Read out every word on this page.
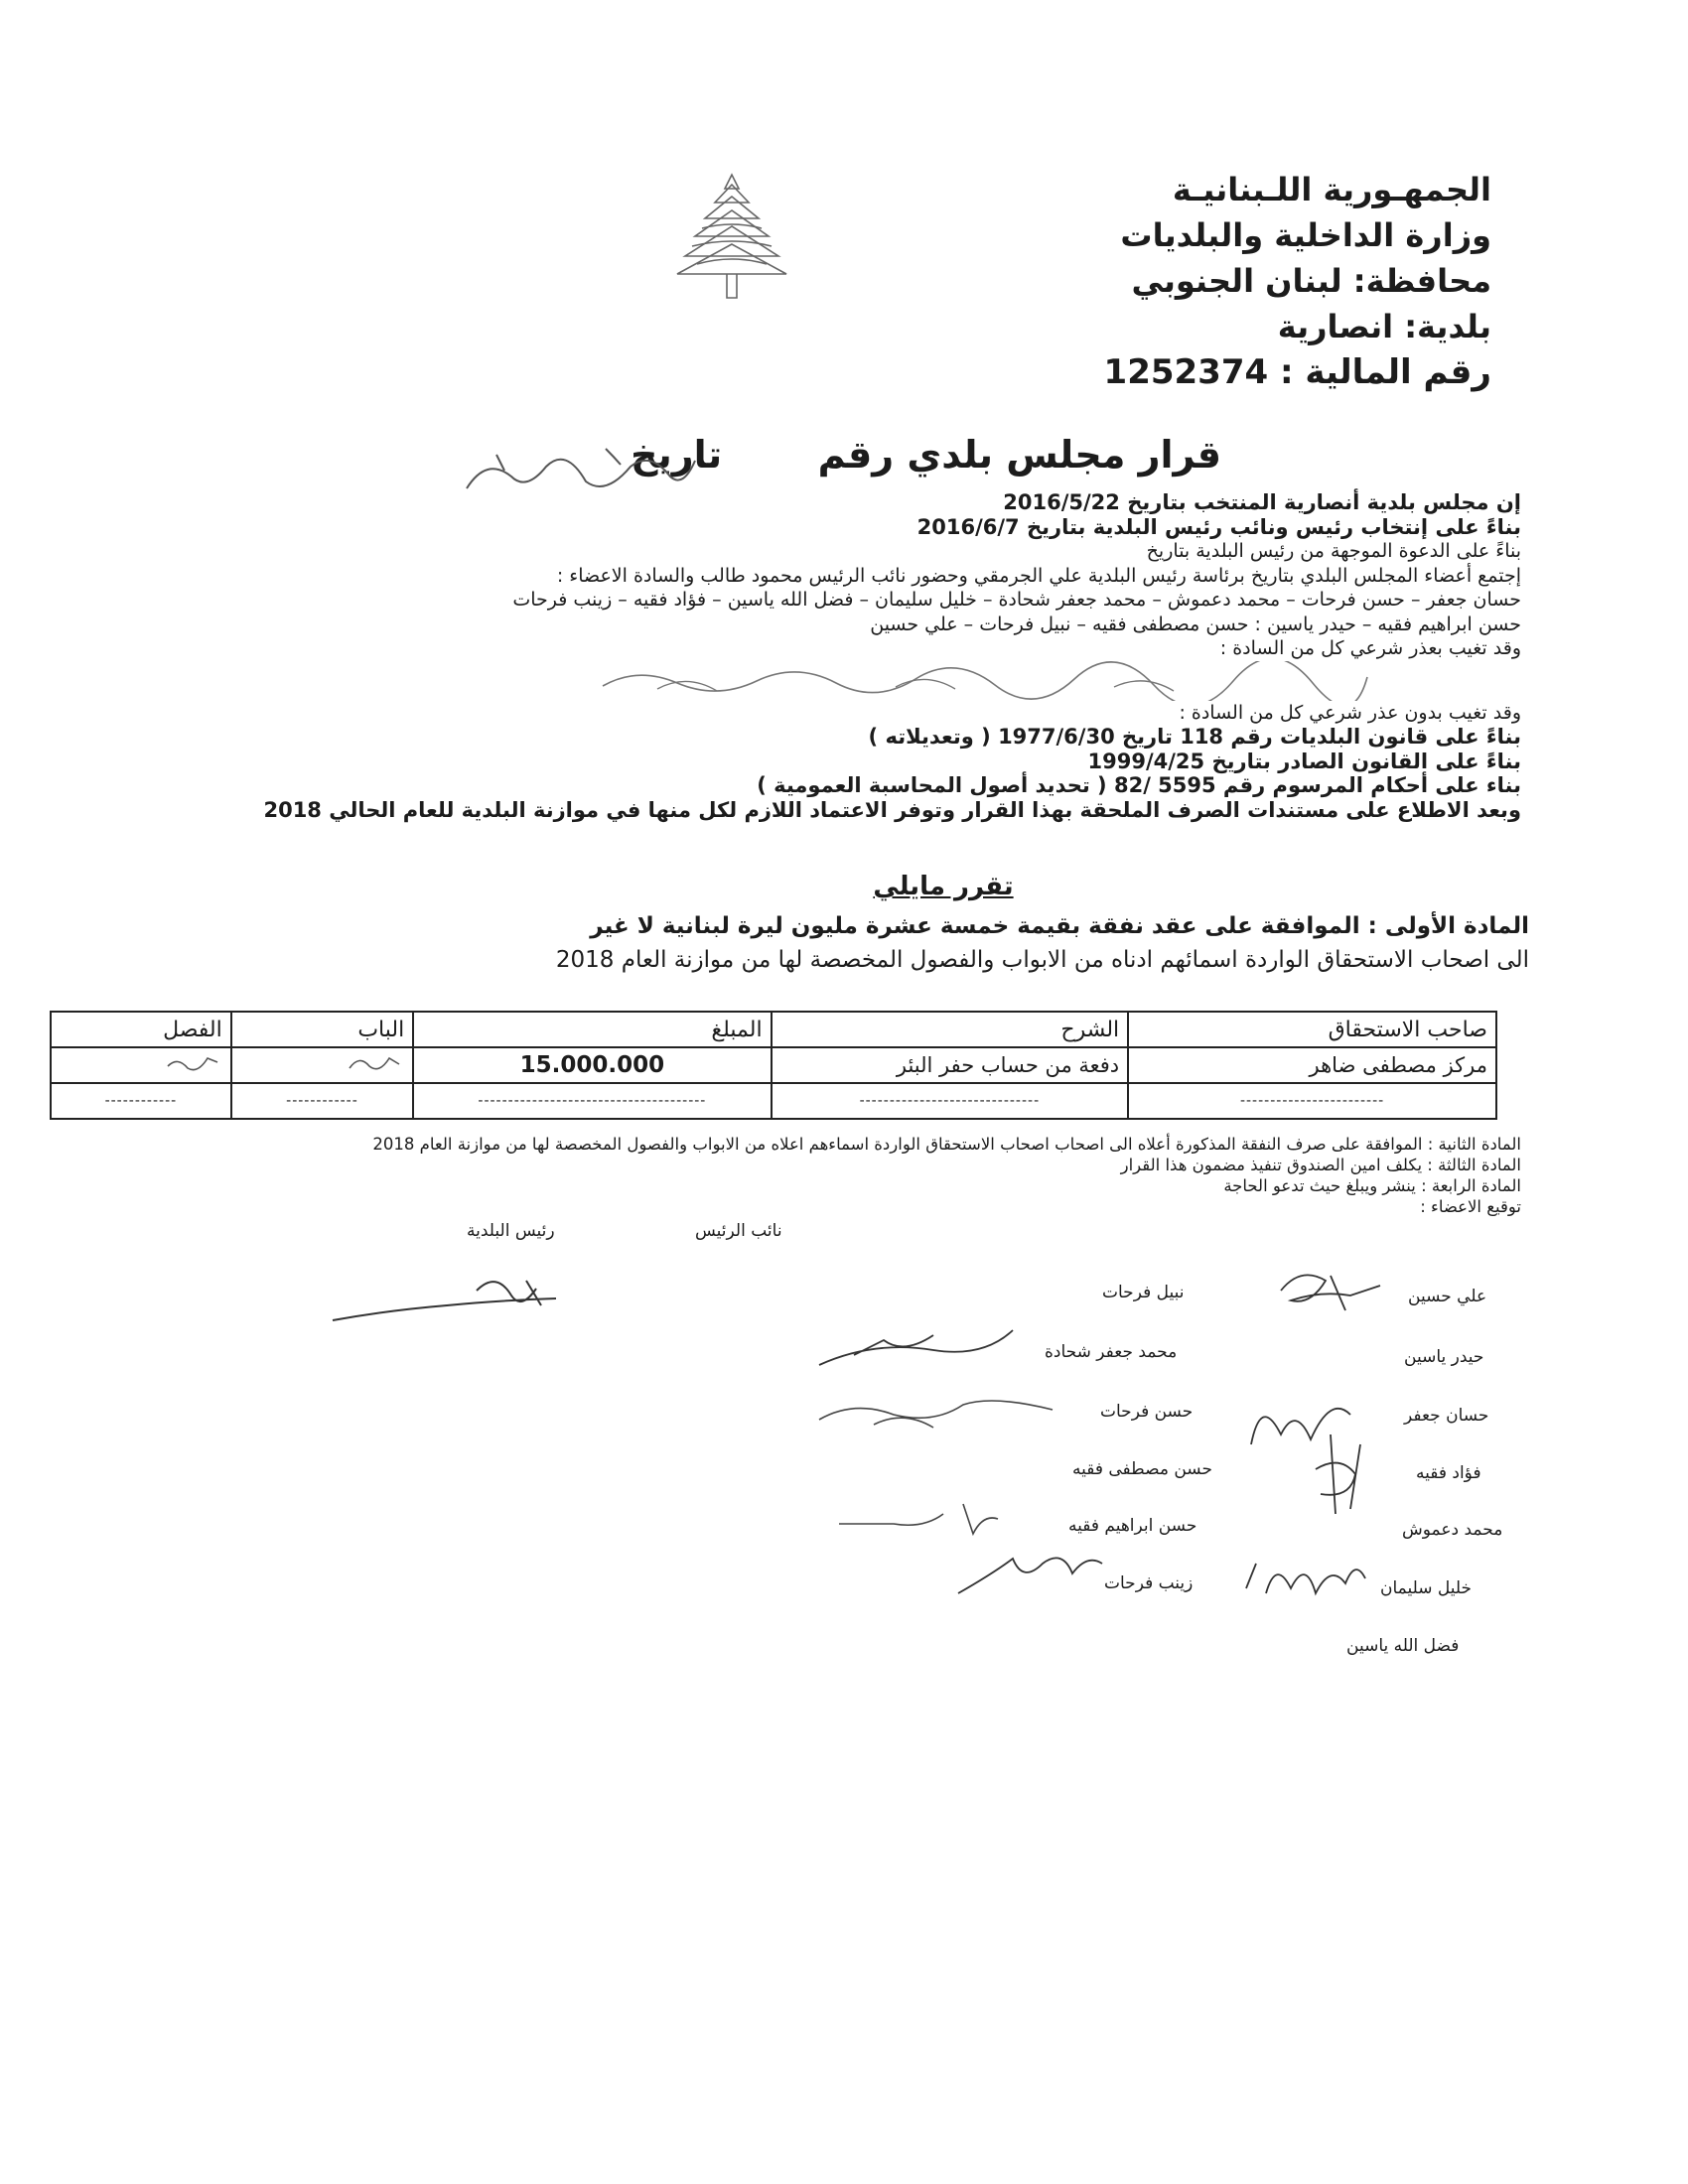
الجمهـورية اللـبنانيـة
وزارة الداخلية والبلديات
محافظة: لبنان الجنوبي
بلدية: انصارية
رقم المالية : 1252374
قرار مجلس بلدي رقم  تاريخ
إن مجلس بلدية أنصارية المنتخب بتاريخ 2016/5/22
بناءً على إنتخاب رئيس ونائب رئيس البلدية بتاريخ 2016/6/7
بناءً على الدعوة الموجهة من رئيس البلدية بتاريخ
إجتمع أعضاء المجلس البلدي بتاريخ برئاسة رئيس البلدية علي الجرمقي وحضور نائب الرئيس محمود طالب والسادة الاعضاء :
حسان جعفر – حسن فرحات – محمد دعموش – محمد جعفر شحادة – خليل سليمان – فضل الله ياسين – فؤاد فقيه – زينب فرحات
حسن ابراهيم فقيه – حيدر ياسين : حسن مصطفى فقيه – نبيل فرحات – علي حسين
وقد تغيب بعذر شرعي كل من السادة :
وقد تغيب بدون عذر شرعي كل من السادة :
بناءً على قانون البلديات رقم 118 تاريخ 1977/6/30 ( وتعديلاته )
بناءً على القانون الصادر بتاريخ 1999/4/25
بناء على أحكام المرسوم رقم 5595 /82 ( تحديد أصول المحاسبة العمومية )
وبعد الاطلاع على مستندات الصرف الملحقة بهذا القرار وتوفر الاعتماد اللازم لكل منها في موازنة البلدية للعام الحالي 2018
تقرر مايلي
المادة الأولى : الموافقة على عقد نفقة بقيمة خمسة عشرة مليون ليرة لبنانية لا غير
الى اصحاب الاستحقاق الواردة اسمائهم ادناه من الابواب والفصول المخصصة لها من موازنة العام 2018
صاحب الاستحقاق	الشرح	المبلغ	الباب	الفصل
مركز مصطفى ضاهر	دفعة من حساب حفر البئر	15.000.000		
------------------------	------------------------------	--------------------------------------	------------	------------
المادة الثانية : الموافقة على صرف النفقة المذكورة أعلاه الى اصحاب اصحاب الاستحقاق الواردة اسماءهم اعلاه من الابواب والفصول المخصصة لها من موازنة العام 2018
المادة الثالثة : يكلف امين الصندوق تنفيذ مضمون هذا القرار
المادة الرابعة : ينشر ويبلغ حيث تدعو الحاجة
توقيع الاعضاء :
رئيس البلدية	نائب الرئيس
نبيل فرحات
محمد جعفر شحادة
حسن فرحات
حسن مصطفى فقيه
حسن ابراهيم فقيه
زينب فرحات
علي حسين
حيدر ياسين
حسان جعفر
فؤاد فقيه
محمد دعموش
خليل سليمان
فضل الله ياسين
